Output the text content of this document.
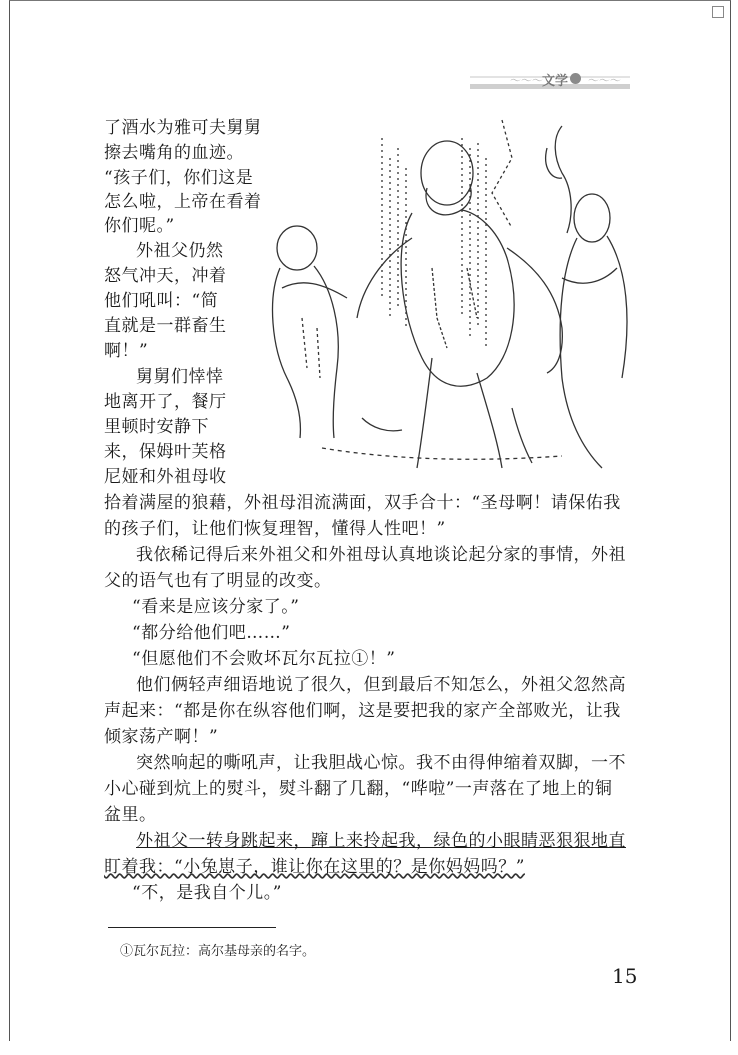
～～～ 文学 ～～～
了酒水为雅可夫舅舅
擦去嘴角的血迹。
“孩子们，你们这是
怎么啦，上帝在看着
你们呢。”
外祖父仍然
怒气冲天，冲着
他们吼叫：“简
直就是一群畜生
啊！”
舅舅们悻悻
地离开了，餐厅
里顿时安静下
来，保姆叶芙格
尼娅和外祖母收
拾着满屋的狼藉，外祖母泪流满面，双手合十：“圣母啊！请保佑我
的孩子们，让他们恢复理智，懂得人性吧！”
我依稀记得后来外祖父和外祖母认真地谈论起分家的事情，外祖
父的语气也有了明显的改变。
“看来是应该分家了。”
“都分给他们吧……”
“但愿他们不会败坏瓦尔瓦拉①！”
他们俩轻声细语地说了很久，但到最后不知怎么，外祖父忽然高
声起来：“都是你在纵容他们啊，这是要把我的家产全部败光，让我
倾家荡产啊！”
突然响起的嘶吼声，让我胆战心惊。我不由得伸缩着双脚，一不
小心碰到炕上的熨斗，熨斗翻了几翻，“哗啦”一声落在了地上的铜
盆里。
外祖父一转身跳起来，蹿上来拎起我，绿色的小眼睛恶狠狠地直
盯着我：“小兔崽子，谁让你在这里的？是你妈妈吗？”
“不，是我自个儿。”
①瓦尔瓦拉：高尔基母亲的名字。
15
